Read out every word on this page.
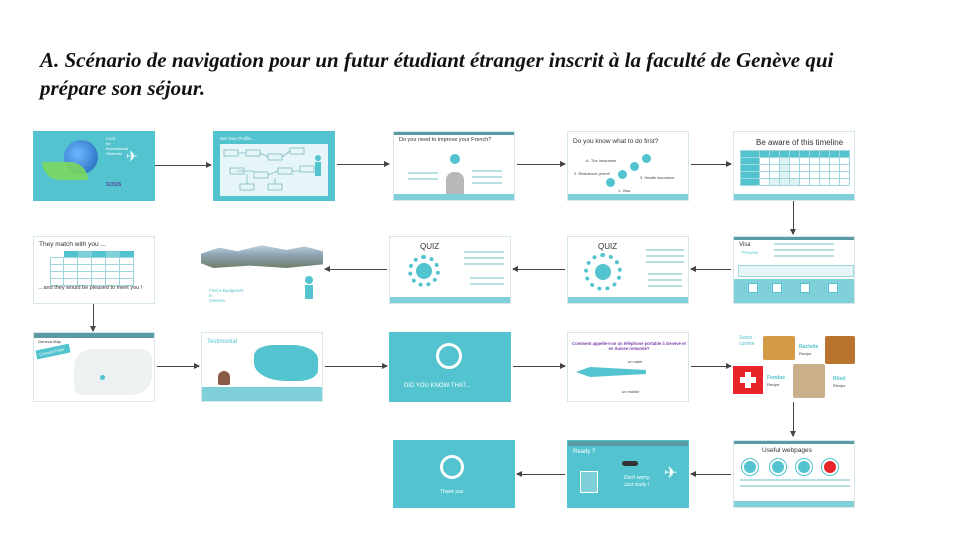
A. Scénario de navigation pour un futur étudiant étranger inscrit à la faculté de Genève qui prépare son séjour.
✈
CSIS
for
International
Students
SOSIS
Set Your Profile...	Do you need to improve your French?	Do you know what to do first?
A. The insurance
2. Residence permit
3. Health insurance
1. Visa
Be aware of this timeline

They match with you ...

…and they would be pleased to meet you !	Find a Budgemet
in
Geneva
QUIZ	QUIZ	Visa
Process
Geneva Map
Connect Point
Testimonial
DID YOU KNOW THAT...
Comment appelle-t-on un téléphone portable à Genève et en Suisse romande?
un natel
un mobile
Swiss
cuisine
Fondue
Recipe
Raclette
Recipe
Rösti
Recipe
Thank you
Ready ?
Don't worry,
Just study !
✈
Useful webpages
